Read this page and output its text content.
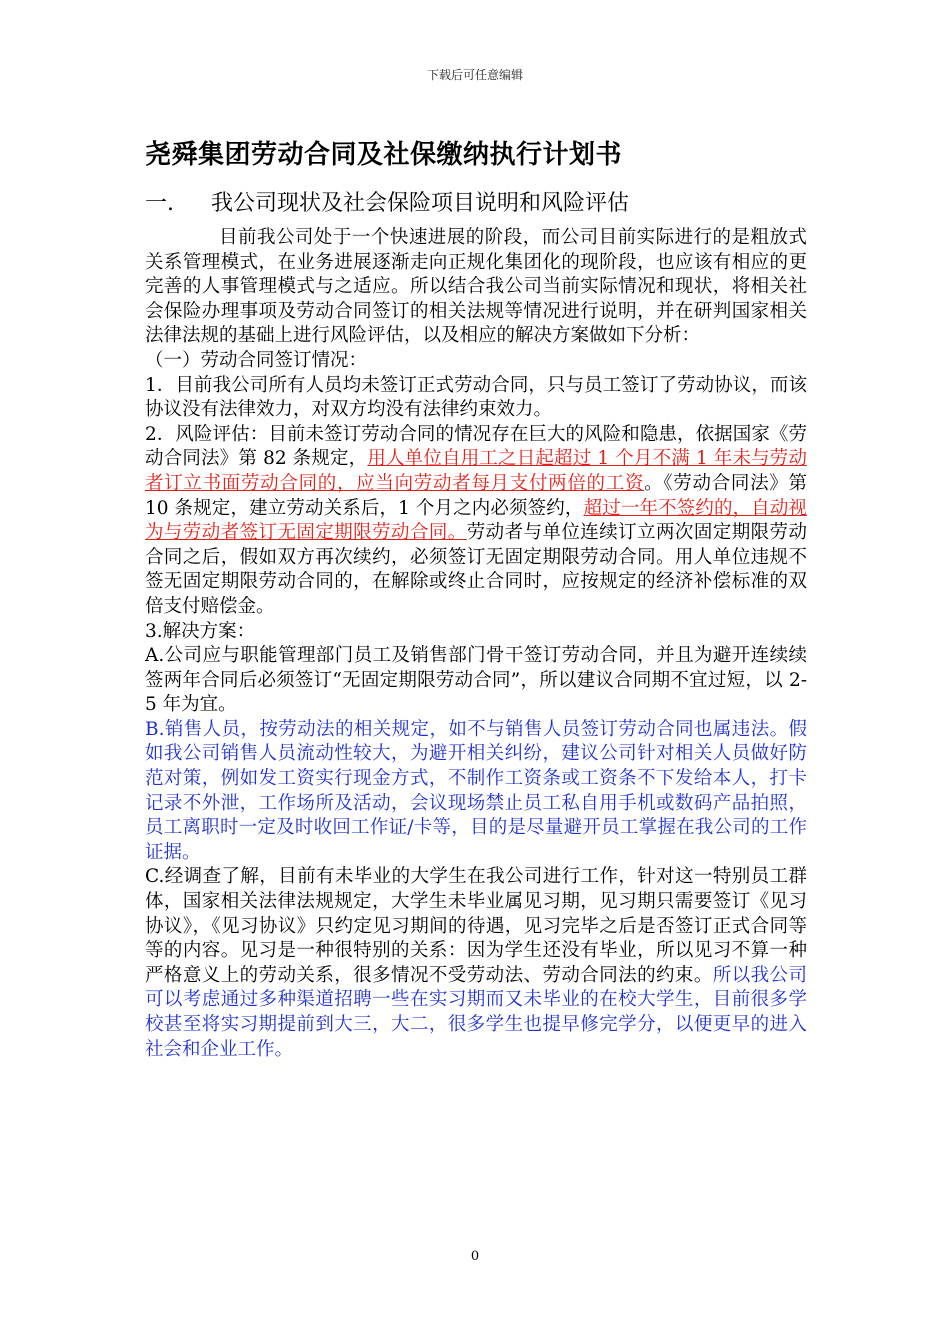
下载后可任意编辑
尧舜集团劳动合同及社保缴纳执行计划书
一. 我公司现状及社会保险项目说明和风险评估

目前我公司处于一个快速进展的阶段，而公司目前实际进行的是粗放式关系管理模式，在业务进展逐渐走向正规化集团化的现阶段，也应该有相应的更完善的人事管理模式与之适应。所以结合我公司当前实际情况和现状，将相关社会保险办理事项及劳动合同签订的相关法规等情况进行说明，并在研判国家相关法律法规的基础上进行风险评估，以及相应的解决方案做如下分析：

（一）劳动合同签订情况：

1．目前我公司所有人员均未签订正式劳动合同，只与员工签订了劳动协议，而该协议没有法律效力，对双方均没有法律约束效力。

2．风险评估：目前未签订劳动合同的情况存在巨大的风险和隐患，依据国家《劳动合同法》第 82 条规定，用人单位自用工之日起超过 1 个月不满 1 年未与劳动者订立书面劳动合同的，应当向劳动者每月支付两倍的工资。《劳动合同法》第 10 条规定，建立劳动关系后，1 个月之内必须签约，超过一年不签约的，自动视为与劳动者签订无固定期限劳动合同。劳动者与单位连续订立两次固定期限劳动合同之后，假如双方再次续约，必须签订无固定期限劳动合同。用人单位违规不签无固定期限劳动合同的，在解除或终止合同时，应按规定的经济补偿标准的双倍支付赔偿金。

3.解决方案：

A.公司应与职能管理部门员工及销售部门骨干签订劳动合同，并且为避开连续续签两年合同后必须签订“无固定期限劳动合同”，所以建议合同期不宜过短，以 2-5 年为宜。

B.销售人员，按劳动法的相关规定，如不与销售人员签订劳动合同也属违法。假如我公司销售人员流动性较大，为避开相关纠纷，建议公司针对相关人员做好防范对策，例如发工资实行现金方式，不制作工资条或工资条不下发给本人，打卡记录不外泄，工作场所及活动，会议现场禁止员工私自用手机或数码产品拍照，员工离职时一定及时收回工作证/卡等，目的是尽量避开员工掌握在我公司的工作证据。

C.经调查了解，目前有未毕业的大学生在我公司进行工作，针对这一特别员工群体，国家相关法律法规规定，大学生未毕业属见习期，见习期只需要签订《见习协议》，《见习协议》只约定见习期间的待遇，见习完毕之后是否签订正式合同等等的内容。见习是一种很特别的关系：因为学生还没有毕业，所以见习不算一种严格意义上的劳动关系，很多情况不受劳动法、劳动合同法的约束。所以我公司可以考虑通过多种渠道招聘一些在实习期而又未毕业的在校大学生，目前很多学校甚至将实习期提前到大三，大二，很多学生也提早修完学分，以便更早的进入社会和企业工作。

0
